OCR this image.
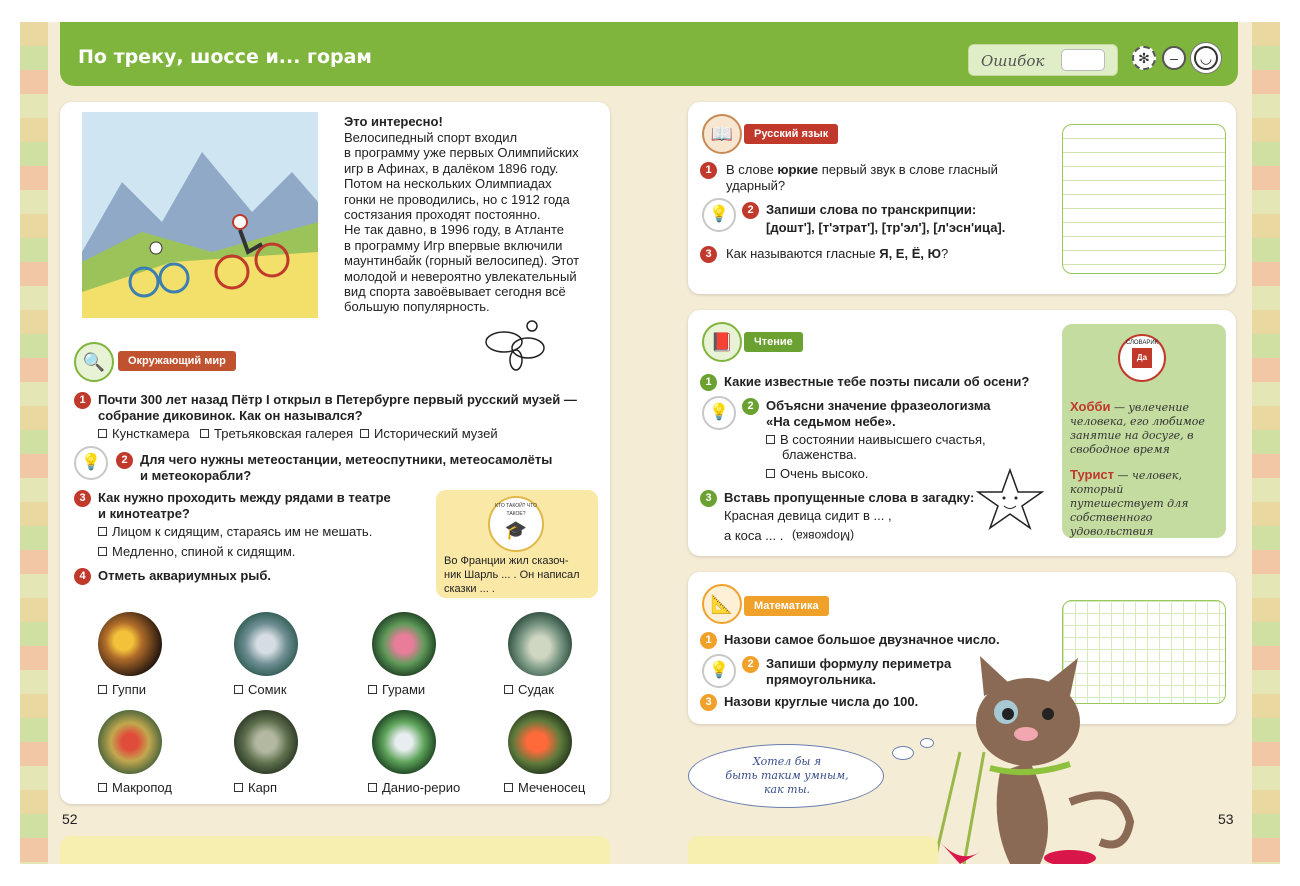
По треку, шоссе и... горам	Ошибок	✻	–	◡
Это интересно!
Велосипедный спорт входил
в программу уже первых Олимпийских
игр в Афинах, в далёком 1896 году.
Потом на нескольких Олимпиадах
гонки не проводились, но с 1912 года
состязания проходят постоянно.
Не так давно, в 1996 году, в Атланте
в программу Игр впервые включили
маунтинбайк (горный велосипед). Этот
молодой и невероятно увлекательный
вид спорта завоёвывает сегодня всё
большую популярность.
🔍	Окружающий мир
1 Почти 300 лет назад Пётр I открыл в Петербурге первый русский музей —
собрание диковинок. Как он назывался?
Кунсткамера	Третьяковская галерея	Исторический музей
💡	2 Для чего нужны метеостанции, метеоспутники, метеосамолёты
и метеокорабли?
3 Как нужно проходить между рядами в театре
и кинотеатре?
Лицом к сидящим, стараясь им не мешать.
Медленно, спиной к сидящим.
4 Отметь аквариумных рыб.
КТО ТАКОЙ? ЧТО ТАКОЕ?
🎓
Во Франции жил сказоч-
ник Шарль ... . Он написал
сказки ... .
Гуппи	Сомик	Гурами	Судак
Макропод	Карп	Данио-рерио	Меченосец
52
📖	Русский язык
1	В слове юркие первый звук в слове гласный
ударный?
💡	2 Запиши слова по транскрипции:
[дошт'], [т'этрат'], [тр'эл'], [л'эсн'ица].
3	Как называются гласные Я, Е, Ё, Ю?
📕	Чтение
1 Какие известные тебе поэты писали об осени?
💡	2 Объясни значение фразеологизма
«На седьмом небе».
В состоянии наивысшего счастья,
блаженства.
Очень высоко.
3 Вставь пропущенные слова в загадку:
Красная девица сидит в ... ,
а коса ... . (Морковка)
СЛОВАРИК
Да
Хобби — увлечение человека, его любимое занятие на досуге, в свободное время
Турист — человек, который путешествует для собственного удовольствия
📐	Математика
1 Назови самое большое двузначное число.
💡	2 Запиши формулу периметра
прямоугольника.
3 Назови круглые числа до 100.
Хотел бы я
быть таким умным,
как ты.
53
